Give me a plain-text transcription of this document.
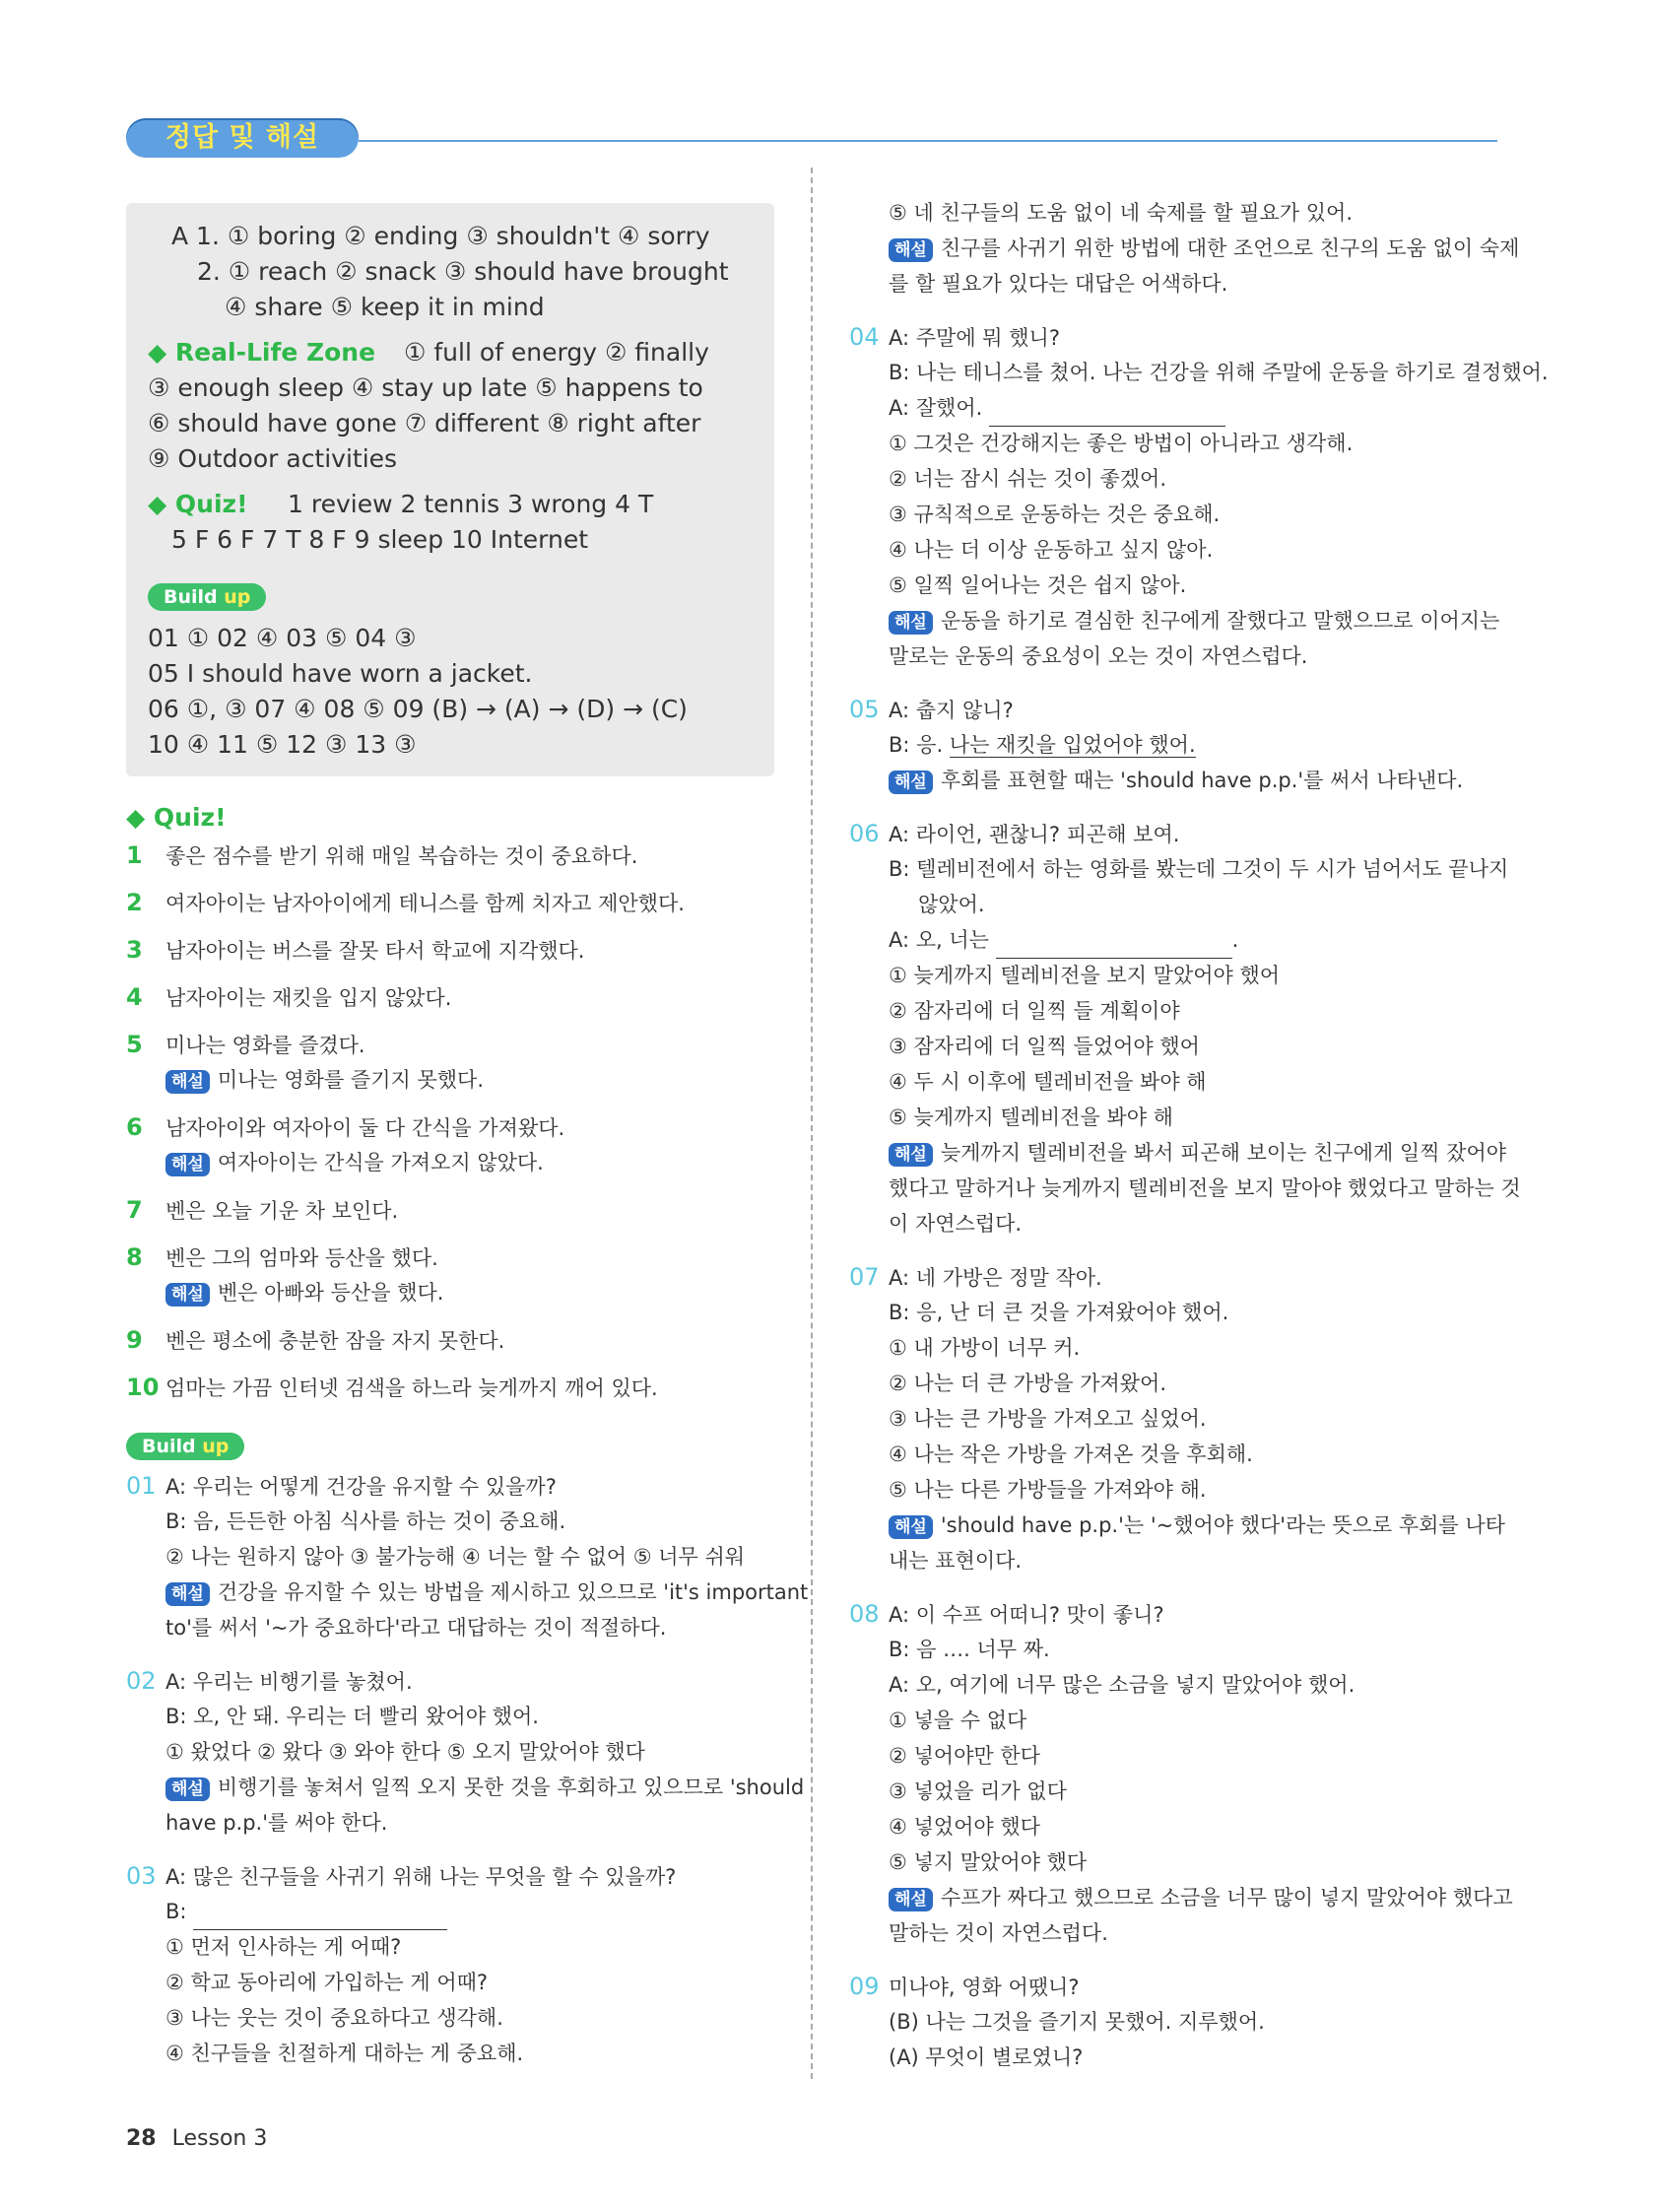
정답 및 해설
A 1. ① boring ② ending ③ shouldn't ④ sorry
2. ① reach ② snack ③ should have brought
④ share ⑤ keep it in mind
◆ Real-Life Zone ① full of energy ② finally
③ enough sleep ④ stay up late ⑤ happens to
⑥ should have gone ⑦ different ⑧ right after
⑨ Outdoor activities
◆ Quiz! 1 review 2 tennis 3 wrong 4 T
5 F 6 F 7 T 8 F 9 sleep 10 Internet
Build up
01 ① 02 ④ 03 ⑤ 04 ③
05 I should have worn a jacket.
06 ①, ③ 07 ④ 08 ⑤ 09 (B) → (A) → (D) → (C)
10 ④ 11 ⑤ 12 ③ 13 ③
◆ Quiz!
1 좋은 점수를 받기 위해 매일 복습하는 것이 중요하다.
2 여자아이는 남자아이에게 테니스를 함께 치자고 제안했다.
3 남자아이는 버스를 잘못 타서 학교에 지각했다.
4 남자아이는 재킷을 입지 않았다.
5 미나는 영화를 즐겼다.
해설 미나는 영화를 즐기지 못했다.
6 남자아이와 여자아이 둘 다 간식을 가져왔다.
해설 여자아이는 간식을 가져오지 않았다.
7 벤은 오늘 기운 차 보인다.
8 벤은 그의 엄마와 등산을 했다.
해설 벤은 아빠와 등산을 했다.
9 벤은 평소에 충분한 잠을 자지 못한다.
10 엄마는 가끔 인터넷 검색을 하느라 늦게까지 깨어 있다.
Build up
01 A: 우리는 어떻게 건강을 유지할 수 있을까?
B: 음, 든든한 아침 식사를 하는 것이 중요해.
② 나는 원하지 않아 ③ 불가능해 ④ 너는 할 수 없어 ⑤ 너무 쉬워
해설 건강을 유지할 수 있는 방법을 제시하고 있으므로 'it's important
to'를 써서 '~가 중요하다'라고 대답하는 것이 적절하다.
02 A: 우리는 비행기를 놓쳤어.
B: 오, 안 돼. 우리는 더 빨리 왔어야 했어.
① 왔었다 ② 왔다 ③ 와야 한다 ⑤ 오지 말았어야 했다
해설 비행기를 놓쳐서 일찍 오지 못한 것을 후회하고 있으므로 'should
have p.p.'를 써야 한다.
03 A: 많은 친구들을 사귀기 위해 나는 무엇을 할 수 있을까?
B:
① 먼저 인사하는 게 어때?
② 학교 동아리에 가입하는 게 어때?
③ 나는 웃는 것이 중요하다고 생각해.
④ 친구들을 친절하게 대하는 게 중요해.
⑤ 네 친구들의 도움 없이 네 숙제를 할 필요가 있어.
해설 친구를 사귀기 위한 방법에 대한 조언으로 친구의 도움 없이 숙제
를 할 필요가 있다는 대답은 어색하다.
04 A: 주말에 뭐 했니?
B: 나는 테니스를 쳤어. 나는 건강을 위해 주말에 운동을 하기로 결정했어.
A: 잘했어.
① 그것은 건강해지는 좋은 방법이 아니라고 생각해.
② 너는 잠시 쉬는 것이 좋겠어.
③ 규칙적으로 운동하는 것은 중요해.
④ 나는 더 이상 운동하고 싶지 않아.
⑤ 일찍 일어나는 것은 쉽지 않아.
해설 운동을 하기로 결심한 친구에게 잘했다고 말했으므로 이어지는
말로는 운동의 중요성이 오는 것이 자연스럽다.
05 A: 춥지 않니?
B: 응. 나는 재킷을 입었어야 했어.
해설 후회를 표현할 때는 'should have p.p.'를 써서 나타낸다.
06 A: 라이언, 괜찮니? 피곤해 보여.
B: 텔레비전에서 하는 영화를 봤는데 그것이 두 시가 넘어서도 끝나지
않았어.
A: 오, 너는	.
① 늦게까지 텔레비전을 보지 말았어야 했어
② 잠자리에 더 일찍 들 계획이야
③ 잠자리에 더 일찍 들었어야 했어
④ 두 시 이후에 텔레비전을 봐야 해
⑤ 늦게까지 텔레비전을 봐야 해
해설 늦게까지 텔레비전을 봐서 피곤해 보이는 친구에게 일찍 잤어야
했다고 말하거나 늦게까지 텔레비전을 보지 말아야 했었다고 말하는 것
이 자연스럽다.
07 A: 네 가방은 정말 작아.
B: 응, 난 더 큰 것을 가져왔어야 했어.
① 내 가방이 너무 커.
② 나는 더 큰 가방을 가져왔어.
③ 나는 큰 가방을 가져오고 싶었어.
④ 나는 작은 가방을 가져온 것을 후회해.
⑤ 나는 다른 가방들을 가져와야 해.
해설 'should have p.p.'는 '~했어야 했다'라는 뜻으로 후회를 나타
내는 표현이다.
08 A: 이 수프 어떠니? 맛이 좋니?
B: 음 …. 너무 짜.
A: 오, 여기에 너무 많은 소금을 넣지 말았어야 했어.
① 넣을 수 없다
② 넣어야만 한다
③ 넣었을 리가 없다
④ 넣었어야 했다
⑤ 넣지 말았어야 했다
해설 수프가 짜다고 했으므로 소금을 너무 많이 넣지 말았어야 했다고
말하는 것이 자연스럽다.
09 미나야, 영화 어땠니?
(B) 나는 그것을 즐기지 못했어. 지루했어.
(A) 무엇이 별로였니?
28 Lesson 3
